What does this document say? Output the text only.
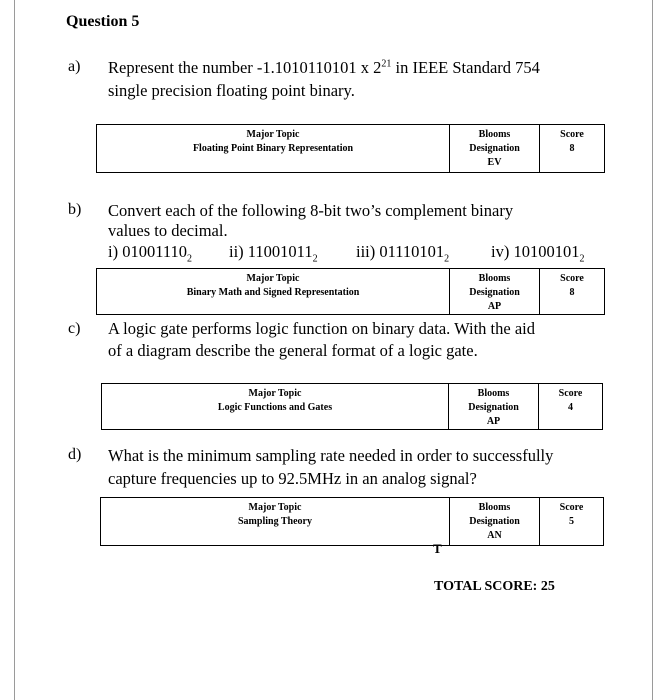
Question 5
a) Represent the number -1.1010110101 x $2^{21}$ in IEEE Standard 754
single precision floating point binary.
Major Topic
Floating Point Binary Representation

Blooms
Designation
EV

Score
8
b) Convert each of the following 8-bit two’s complement binary
values to decimal.
i) $01001110_2$ ii) $11001011_2$ iii) $01110101_2$	iv) $10100101_2$
Major Topic
Binary Math and Signed Representation

Blooms
Designation
AP

Score
8
c) A logic gate performs logic function on binary data. With the aid
of a diagram describe the general format of a logic gate.
Major Topic
Logic Functions and Gates

Blooms
Designation
AP

Score
4
d) What is the minimum sampling rate needed in order to successfully
capture frequencies up to 92.5MHz in an analog signal?
Major Topic
Sampling Theory

Blooms
Designation
AN

Score
5
T
TOTAL SCORE: 25
